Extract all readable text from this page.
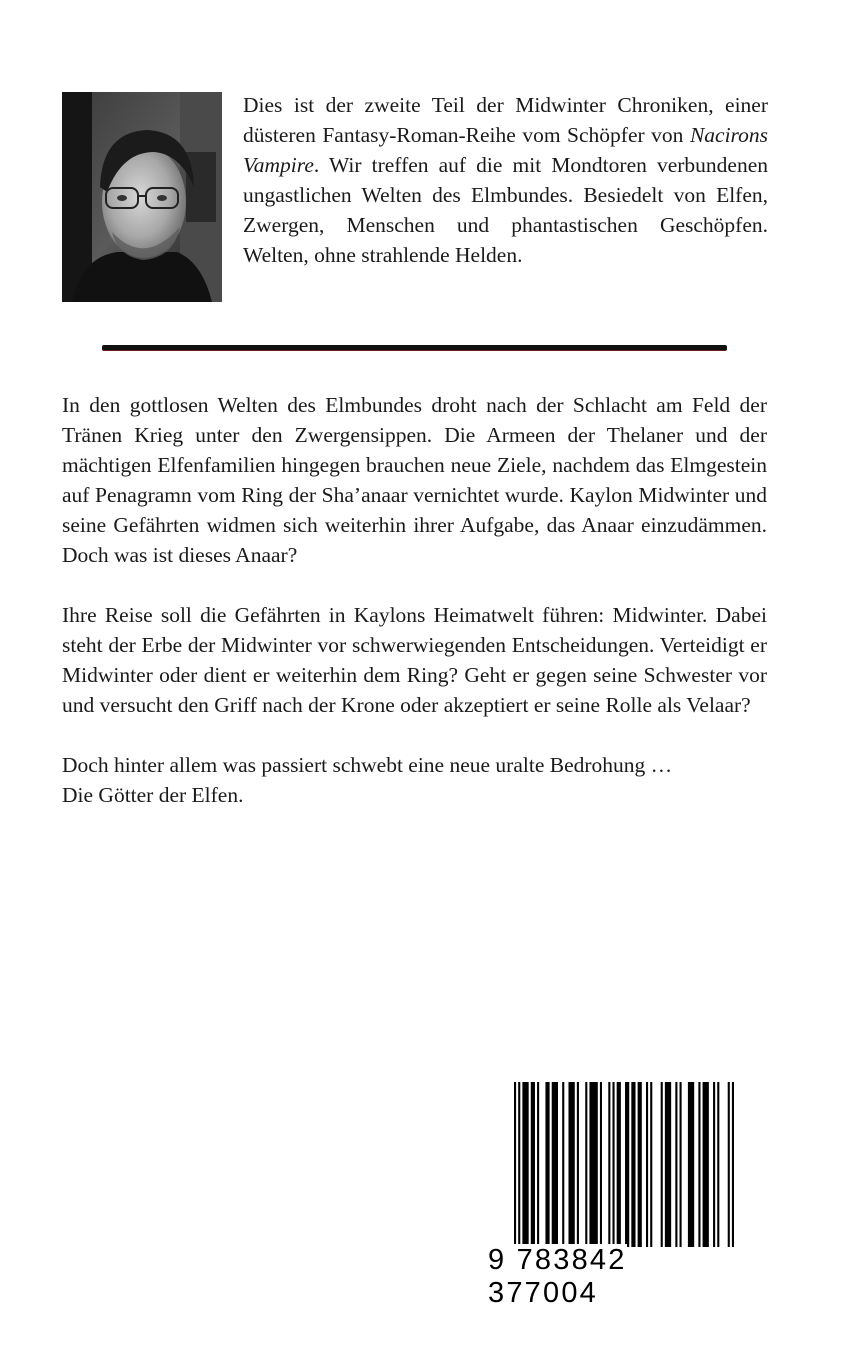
Dies ist der zweite Teil der Midwinter Chroniken, einer düsteren Fantasy-Roman-Reihe vom Schöpfer von Nacirons Vampire. Wir treffen auf die mit Mondtoren verbundenen ungastlichen Welten des Elmbundes. Besiedelt von Elfen, Zwergen, Menschen und phantastischen Geschöpfen. Welten, ohne strahlende Helden.

In den gottlosen Welten des Elmbundes droht nach der Schlacht am Feld der Tränen Krieg unter den Zwergensippen. Die Armeen der Thelaner und der mächtigen Elfenfamilien hingegen brauchen neue Ziele, nachdem das Elmgestein auf Penagramn vom Ring der Sha’anaar vernichtet wurde. Kaylon Midwinter und seine Gefährten widmen sich weiterhin ihrer Aufgabe, das Anaar einzudämmen. Doch was ist dieses Anaar?

Ihre Reise soll die Gefährten in Kaylons Heimatwelt führen: Midwinter. Dabei steht der Erbe der Midwinter vor schwerwiegenden Entscheidungen. Verteidigt er Midwinter oder dient er weiterhin dem Ring? Geht er gegen seine Schwester vor und versucht den Griff nach der Krone oder akzeptiert er seine Rolle als Velaar?

Doch hinter allem was passiert schwebt eine neue uralte Bedrohung …
Die Götter der Elfen.

9 783842 377004
